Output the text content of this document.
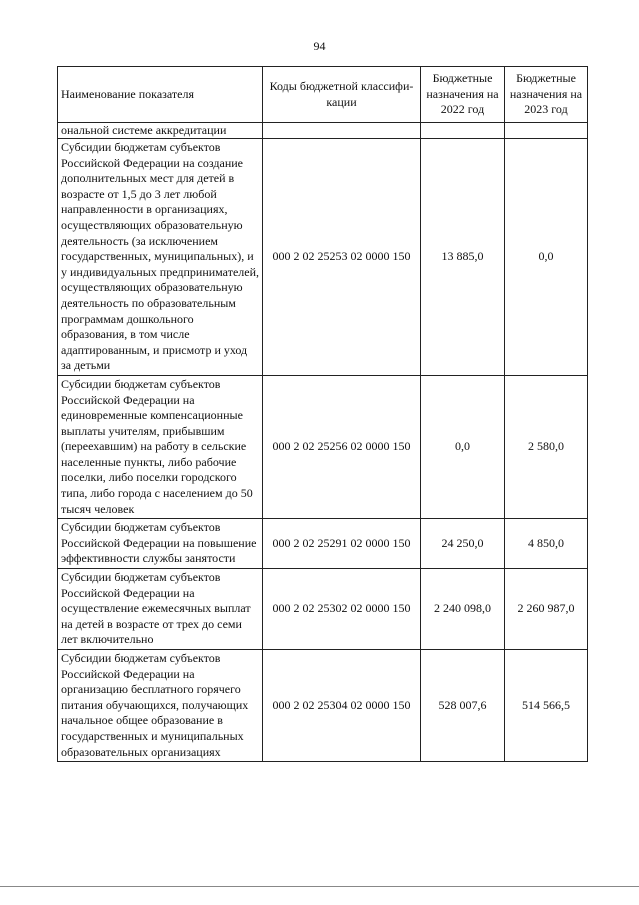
94
Наименование показателя	Коды бюджетной классифи-кации	Бюджетные назначения на 2022 год	Бюджетные назначения на 2023 год
ональной системе аккредитации			
Субсидии бюджетам субъектов Российской Федерации на создание дополнительных мест для детей в возрасте от 1,5 до 3 лет любой направленности в организациях, осуществляющих образовательную деятельность (за исключением государственных, муниципальных), и у индивидуальных предпринимателей, осуществляющих образовательную деятельность по образовательным программам дошкольного образования, в том числе адаптированным, и присмотр и уход за детьми	000 2 02 25253 02 0000 150	13 885,0	0,0
Субсидии бюджетам субъектов Российской Федерации на единовременные компенсационные выплаты учителям, прибывшим (переехавшим) на работу в сельские населенные пункты, либо рабочие поселки, либо поселки городского типа, либо города с населением до 50 тысяч человек	000 2 02 25256 02 0000 150	0,0	2 580,0
Субсидии бюджетам субъектов Российской Федерации на повышение эффективности службы занятости	000 2 02 25291 02 0000 150	24 250,0	4 850,0
Субсидии бюджетам субъектов Российской Федерации на осуществление ежемесячных выплат на детей в возрасте от трех до семи лет включительно	000 2 02 25302 02 0000 150	2 240 098,0	2 260 987,0
Субсидии бюджетам субъектов Российской Федерации на организацию бесплатного горячего питания обучающихся, получающих начальное общее образование в государственных и муниципальных образовательных организациях	000 2 02 25304 02 0000 150	528 007,6	514 566,5
